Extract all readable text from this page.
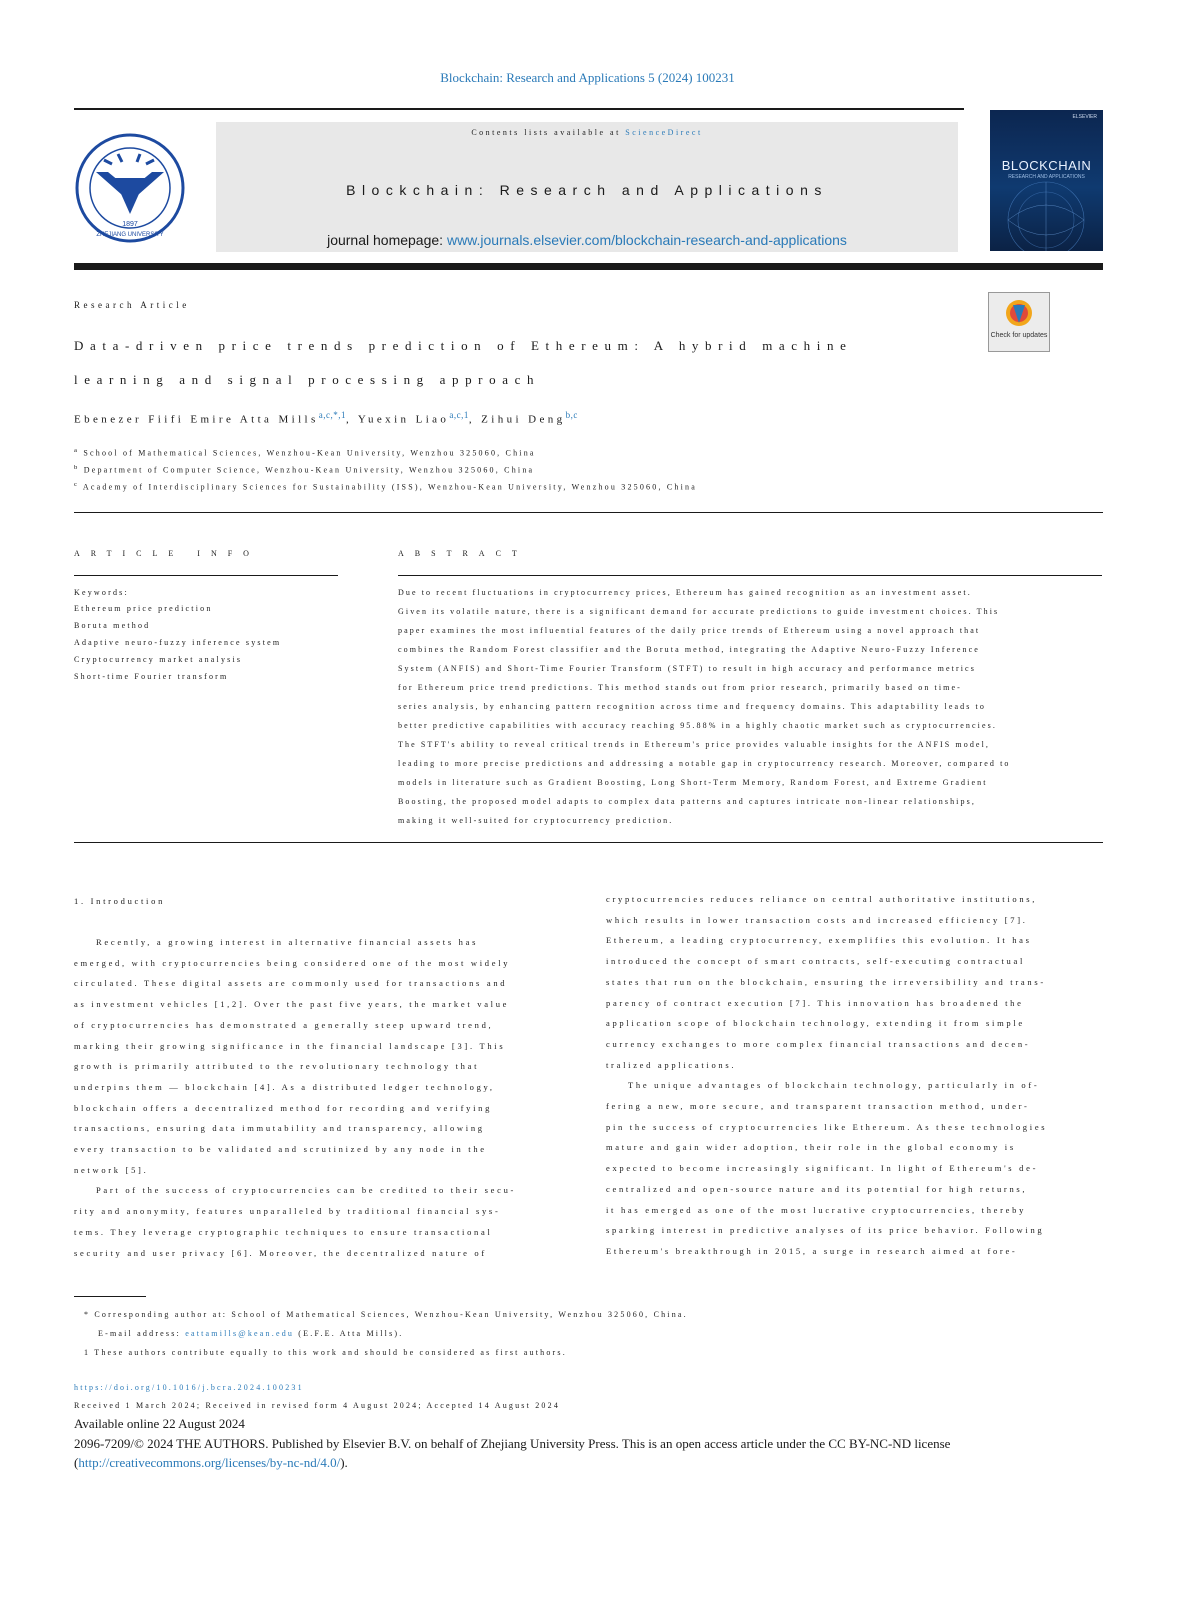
Blockchain: Research and Applications 5 (2024) 100231
1897
ZHEJIANG UNIVERSITY
Contents lists available at ScienceDirect
Blockchain: Research and Applications
journal homepage: www.journals.elsevier.com/blockchain-research-and-applications
ELSEVIER
BLOCKCHAIN
RESEARCH AND APPLICATIONS
Research Article
Data-driven price trends prediction of Ethereum: A hybrid machine
learning and signal processing approach
Check for updates
Ebenezer Fiifi Emire Atta Mills$^{a,c,*,1}$, Yuexin Liao$^{a,c,1}$, Zihui Deng$^{b,c}$
$^a$ School of Mathematical Sciences, Wenzhou-Kean University, Wenzhou 325060, China
$^b$ Department of Computer Science, Wenzhou-Kean University, Wenzhou 325060, China
$^c$ Academy of Interdisciplinary Sciences for Sustainability (ISS), Wenzhou-Kean University, Wenzhou 325060, China
ARTICLE INFO
Keywords:
Ethereum price prediction
Boruta method
Adaptive neuro-fuzzy inference system
Cryptocurrency market analysis
Short-time Fourier transform
ABSTRACT
Due to recent fluctuations in cryptocurrency prices, Ethereum has gained recognition as an investment asset.
Given its volatile nature, there is a significant demand for accurate predictions to guide investment choices. This
paper examines the most influential features of the daily price trends of Ethereum using a novel approach that
combines the Random Forest classifier and the Boruta method, integrating the Adaptive Neuro-Fuzzy Inference
System (ANFIS) and Short-Time Fourier Transform (STFT) to result in high accuracy and performance metrics
for Ethereum price trend predictions. This method stands out from prior research, primarily based on time-
series analysis, by enhancing pattern recognition across time and frequency domains. This adaptability leads to
better predictive capabilities with accuracy reaching 95.88% in a highly chaotic market such as cryptocurrencies.
The STFT's ability to reveal critical trends in Ethereum's price provides valuable insights for the ANFIS model,
leading to more precise predictions and addressing a notable gap in cryptocurrency research. Moreover, compared to
models in literature such as Gradient Boosting, Long Short-Term Memory, Random Forest, and Extreme Gradient
Boosting, the proposed model adapts to complex data patterns and captures intricate non-linear relationships,
making it well-suited for cryptocurrency prediction.
1. Introduction
Recently, a growing interest in alternative financial assets has
emerged, with cryptocurrencies being considered one of the most widely
circulated. These digital assets are commonly used for transactions and
as investment vehicles [1,2]. Over the past five years, the market value
of cryptocurrencies has demonstrated a generally steep upward trend,
marking their growing significance in the financial landscape [3]. This
growth is primarily attributed to the revolutionary technology that
underpins them — blockchain [4]. As a distributed ledger technology,
blockchain offers a decentralized method for recording and verifying
transactions, ensuring data immutability and transparency, allowing
every transaction to be validated and scrutinized by any node in the
network [5].
Part of the success of cryptocurrencies can be credited to their secu-
rity and anonymity, features unparalleled by traditional financial sys-
tems. They leverage cryptographic techniques to ensure transactional
security and user privacy [6]. Moreover, the decentralized nature of
cryptocurrencies reduces reliance on central authoritative institutions,
which results in lower transaction costs and increased efficiency [7].
Ethereum, a leading cryptocurrency, exemplifies this evolution. It has
introduced the concept of smart contracts, self-executing contractual
states that run on the blockchain, ensuring the irreversibility and trans-
parency of contract execution [7]. This innovation has broadened the
application scope of blockchain technology, extending it from simple
currency exchanges to more complex financial transactions and decen-
tralized applications.
The unique advantages of blockchain technology, particularly in of-
fering a new, more secure, and transparent transaction method, under-
pin the success of cryptocurrencies like Ethereum. As these technologies
mature and gain wider adoption, their role in the global economy is
expected to become increasingly significant. In light of Ethereum's de-
centralized and open-source nature and its potential for high returns,
it has emerged as one of the most lucrative cryptocurrencies, thereby
sparking interest in predictive analyses of its price behavior. Following
Ethereum's breakthrough in 2015, a surge in research aimed at fore-
* Corresponding author at: School of Mathematical Sciences, Wenzhou-Kean University, Wenzhou 325060, China.
E-mail address: eattamills@kean.edu (E.F.E. Atta Mills).
1 These authors contribute equally to this work and should be considered as first authors.
https://doi.org/10.1016/j.bcra.2024.100231
Received 1 March 2024; Received in revised form 4 August 2024; Accepted 14 August 2024
Available online 22 August 2024
2096-7209/© 2024 THE AUTHORS. Published by Elsevier B.V. on behalf of Zhejiang University Press. This is an open access article under the CC BY-NC-ND license
(http://creativecommons.org/licenses/by-nc-nd/4.0/).
